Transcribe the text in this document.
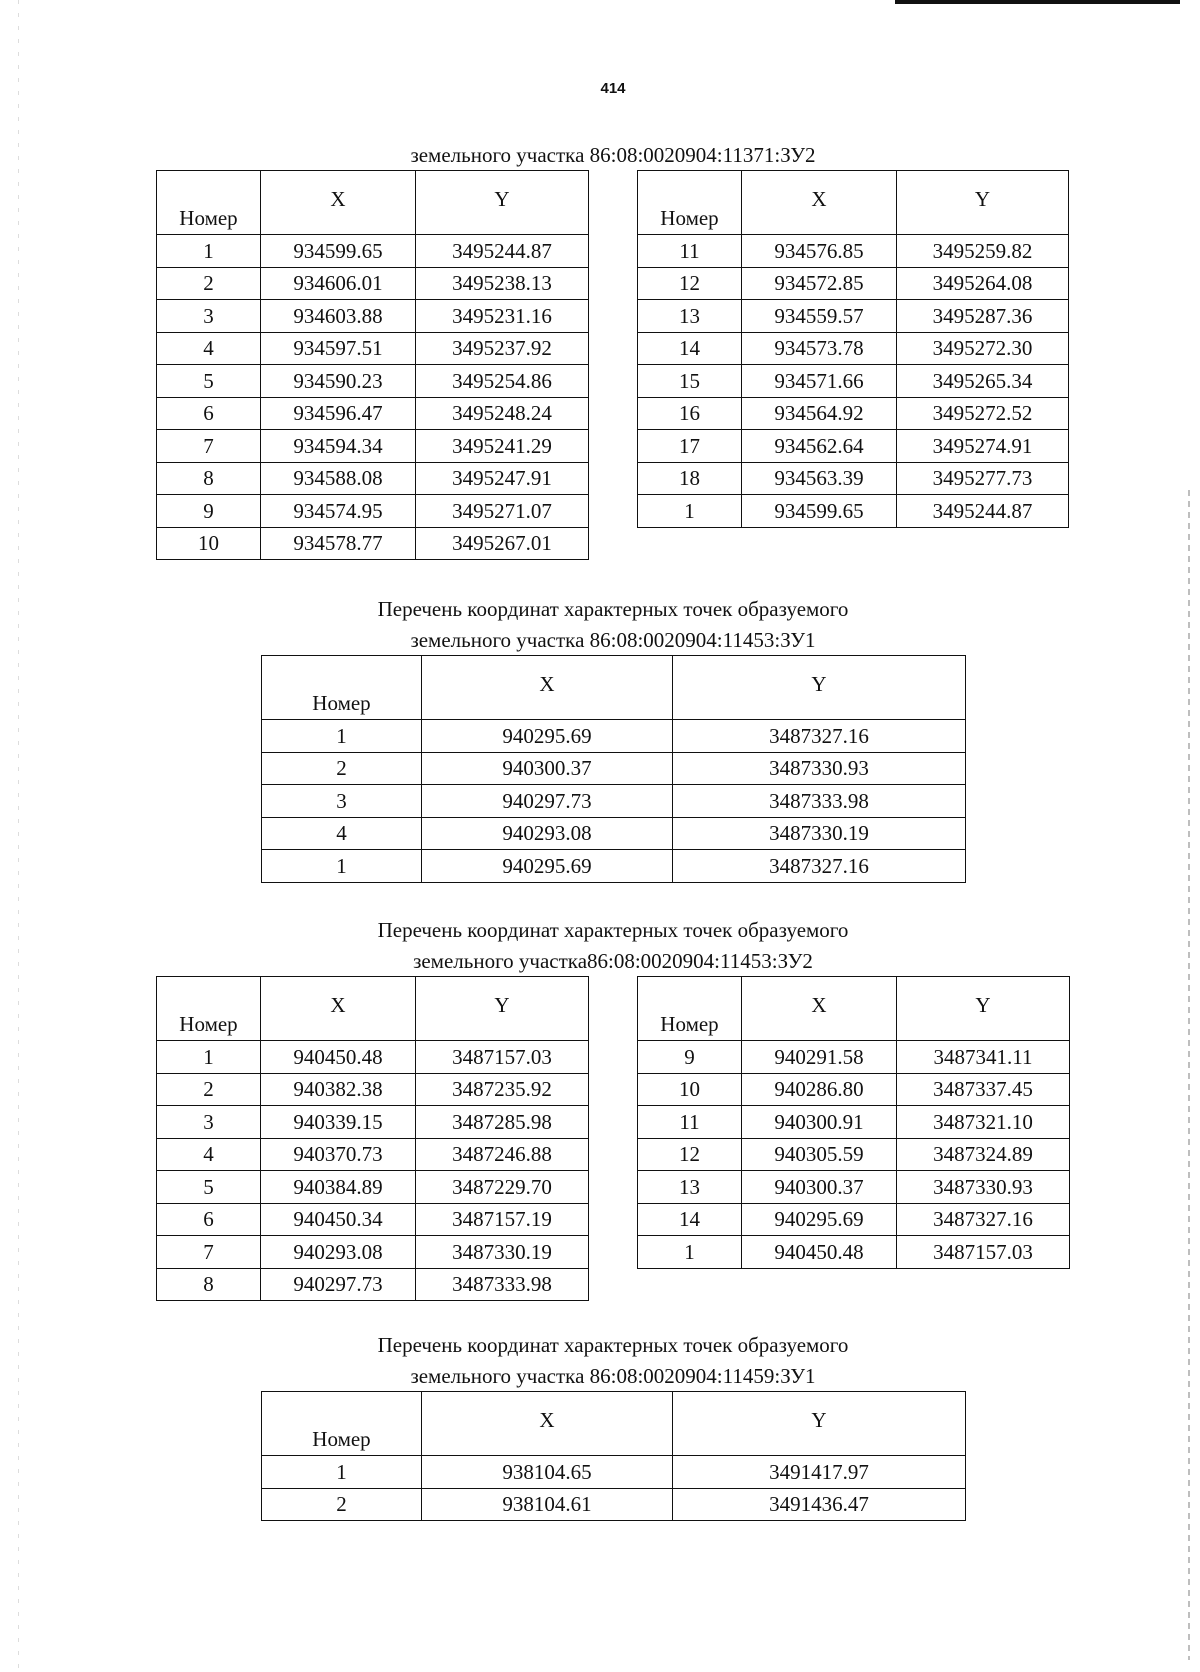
414
земельного участка 86:08:0020904:11371:ЗУ2
Номер	X	Y

1	934599.65	3495244.87
2	934606.01	3495238.13
3	934603.88	3495231.16
4	934597.51	3495237.92
5	934590.23	3495254.86
6	934596.47	3495248.24
7	934594.34	3495241.29
8	934588.08	3495247.91
9	934574.95	3495271.07
10	934578.77	3495267.01
Номер	X	Y

11	934576.85	3495259.82
12	934572.85	3495264.08
13	934559.57	3495287.36
14	934573.78	3495272.30
15	934571.66	3495265.34
16	934564.92	3495272.52
17	934562.64	3495274.91
18	934563.39	3495277.73
1	934599.65	3495244.87
Перечень координат характерных точек образуемого
земельного участка 86:08:0020904:11453:ЗУ1
Номер	X	Y

1	940295.69	3487327.16
2	940300.37	3487330.93
3	940297.73	3487333.98
4	940293.08	3487330.19
1	940295.69	3487327.16
Перечень координат характерных точек образуемого
земельного участка86:08:0020904:11453:ЗУ2
Номер	X	Y

1	940450.48	3487157.03
2	940382.38	3487235.92
3	940339.15	3487285.98
4	940370.73	3487246.88
5	940384.89	3487229.70
6	940450.34	3487157.19
7	940293.08	3487330.19
8	940297.73	3487333.98
Номер	X	Y

9	940291.58	3487341.11
10	940286.80	3487337.45
11	940300.91	3487321.10
12	940305.59	3487324.89
13	940300.37	3487330.93
14	940295.69	3487327.16
1	940450.48	3487157.03
Перечень координат характерных точек образуемого
земельного участка 86:08:0020904:11459:ЗУ1
Номер	X	Y

1	938104.65	3491417.97
2	938104.61	3491436.47
